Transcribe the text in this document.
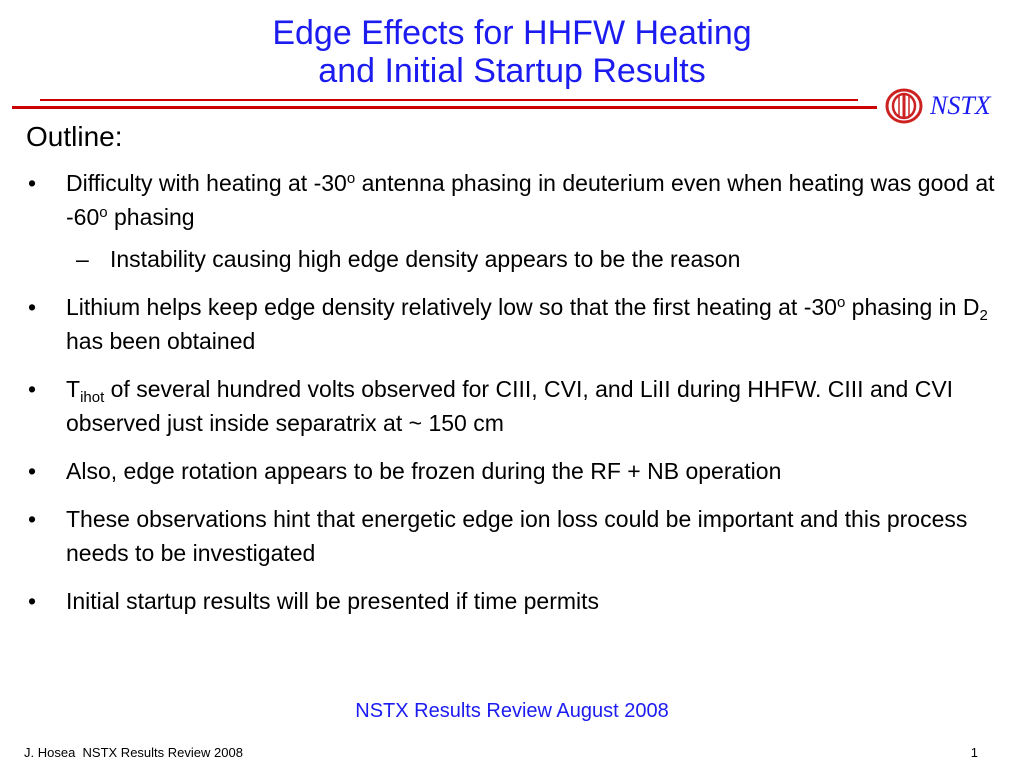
Edge Effects for HHFW Heating
and Initial Startup Results
NSTX
Outline:
•	Difficulty with heating at -30$^o$ antenna phasing in deuterium even when heating was good at -60$^o$ phasing
– Instability causing high edge density appears to be the reason
•	Lithium helps keep edge density relatively low so that the first heating at -30$^o$ phasing in $D_2$ has been obtained
•	$T_{ihot}$ of several hundred volts observed for CIII, CVI, and LiII during HHFW. CIII and CVI observed just inside separatrix at ~ 150 cm
•	Also, edge rotation appears to be frozen during the RF + NB operation
•	These observations hint that energetic edge ion loss could be important and this process needs to be investigated
•	Initial startup results will be presented if time permits
NSTX Results Review August 2008
J. Hosea  NSTX Results Review 2008	1
